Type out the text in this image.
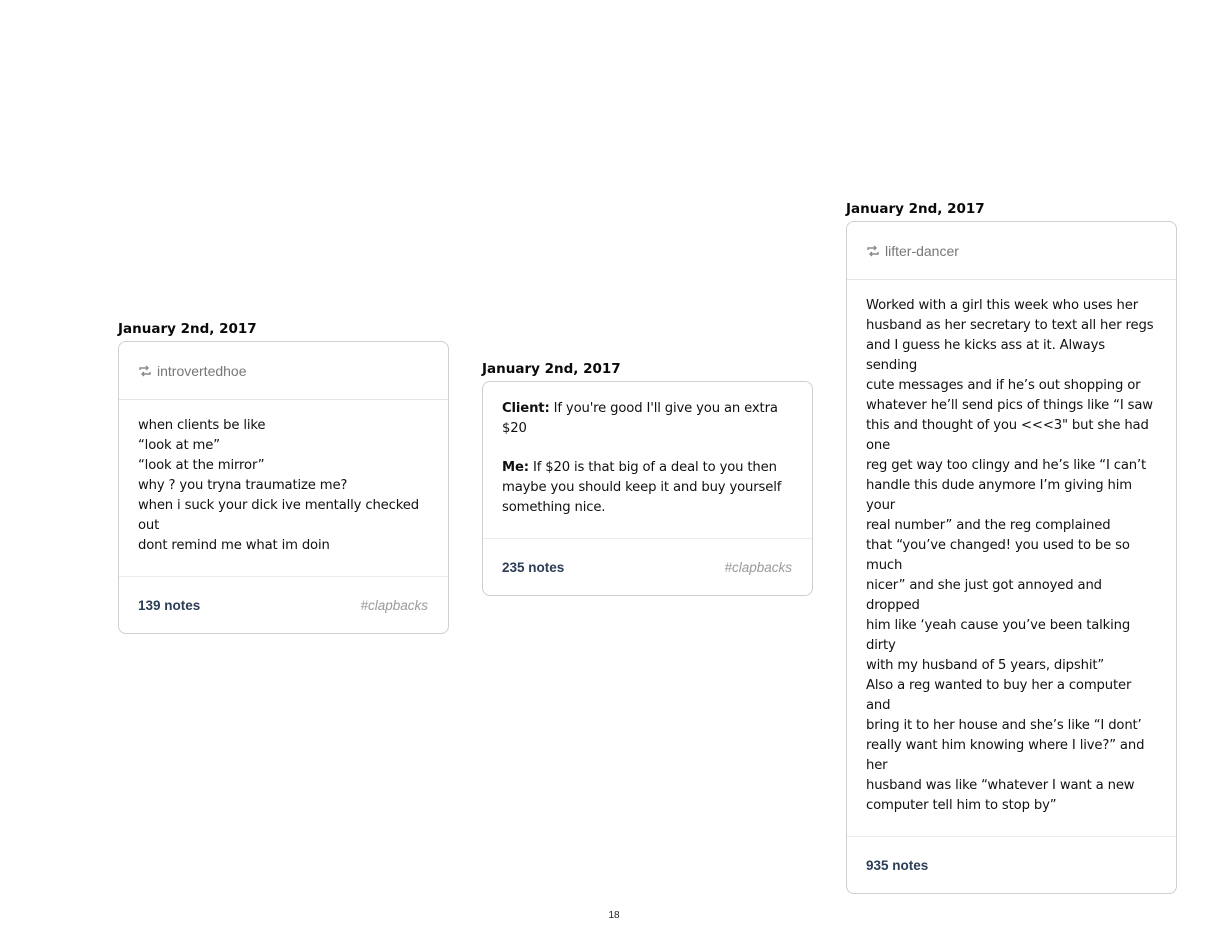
January 2nd, 2017
introvertedhoe

when clients be like

“look at me”

“look at the mirror”

why ? you tryna traumatize me?

when i suck your dick ive mentally checked out

dont remind me what im doin

139 notes	#clapbacks
January 2nd, 2017

Client: If you're good I'll give you an extra $20

Me: If $20 is that big of a deal to you then

maybe you should keep it and buy yourself

something nice.

235 notes	#clapbacks
January 2nd, 2017
lifter-dancer

Worked with a girl this week who uses her

husband as her secretary to text all her regs

and I guess he kicks ass at it. Always sending

cute messages and if he’s out shopping or

whatever he’ll send pics of things like “I saw

this and thought of you <<<3" but she had one

reg get way too clingy and he’s like “I can’t

handle this dude anymore I’m giving him your

real number” and the reg complained

that “you’ve changed! you used to be so much

nicer” and she just got annoyed and dropped

him like ‘yeah cause you’ve been talking dirty

with my husband of 5 years, dipshit”

Also a reg wanted to buy her a computer and

bring it to her house and she’s like “I dont’

really want him knowing where I live?” and her

husband was like “whatever I want a new

computer tell him to stop by”

935 notes
18
